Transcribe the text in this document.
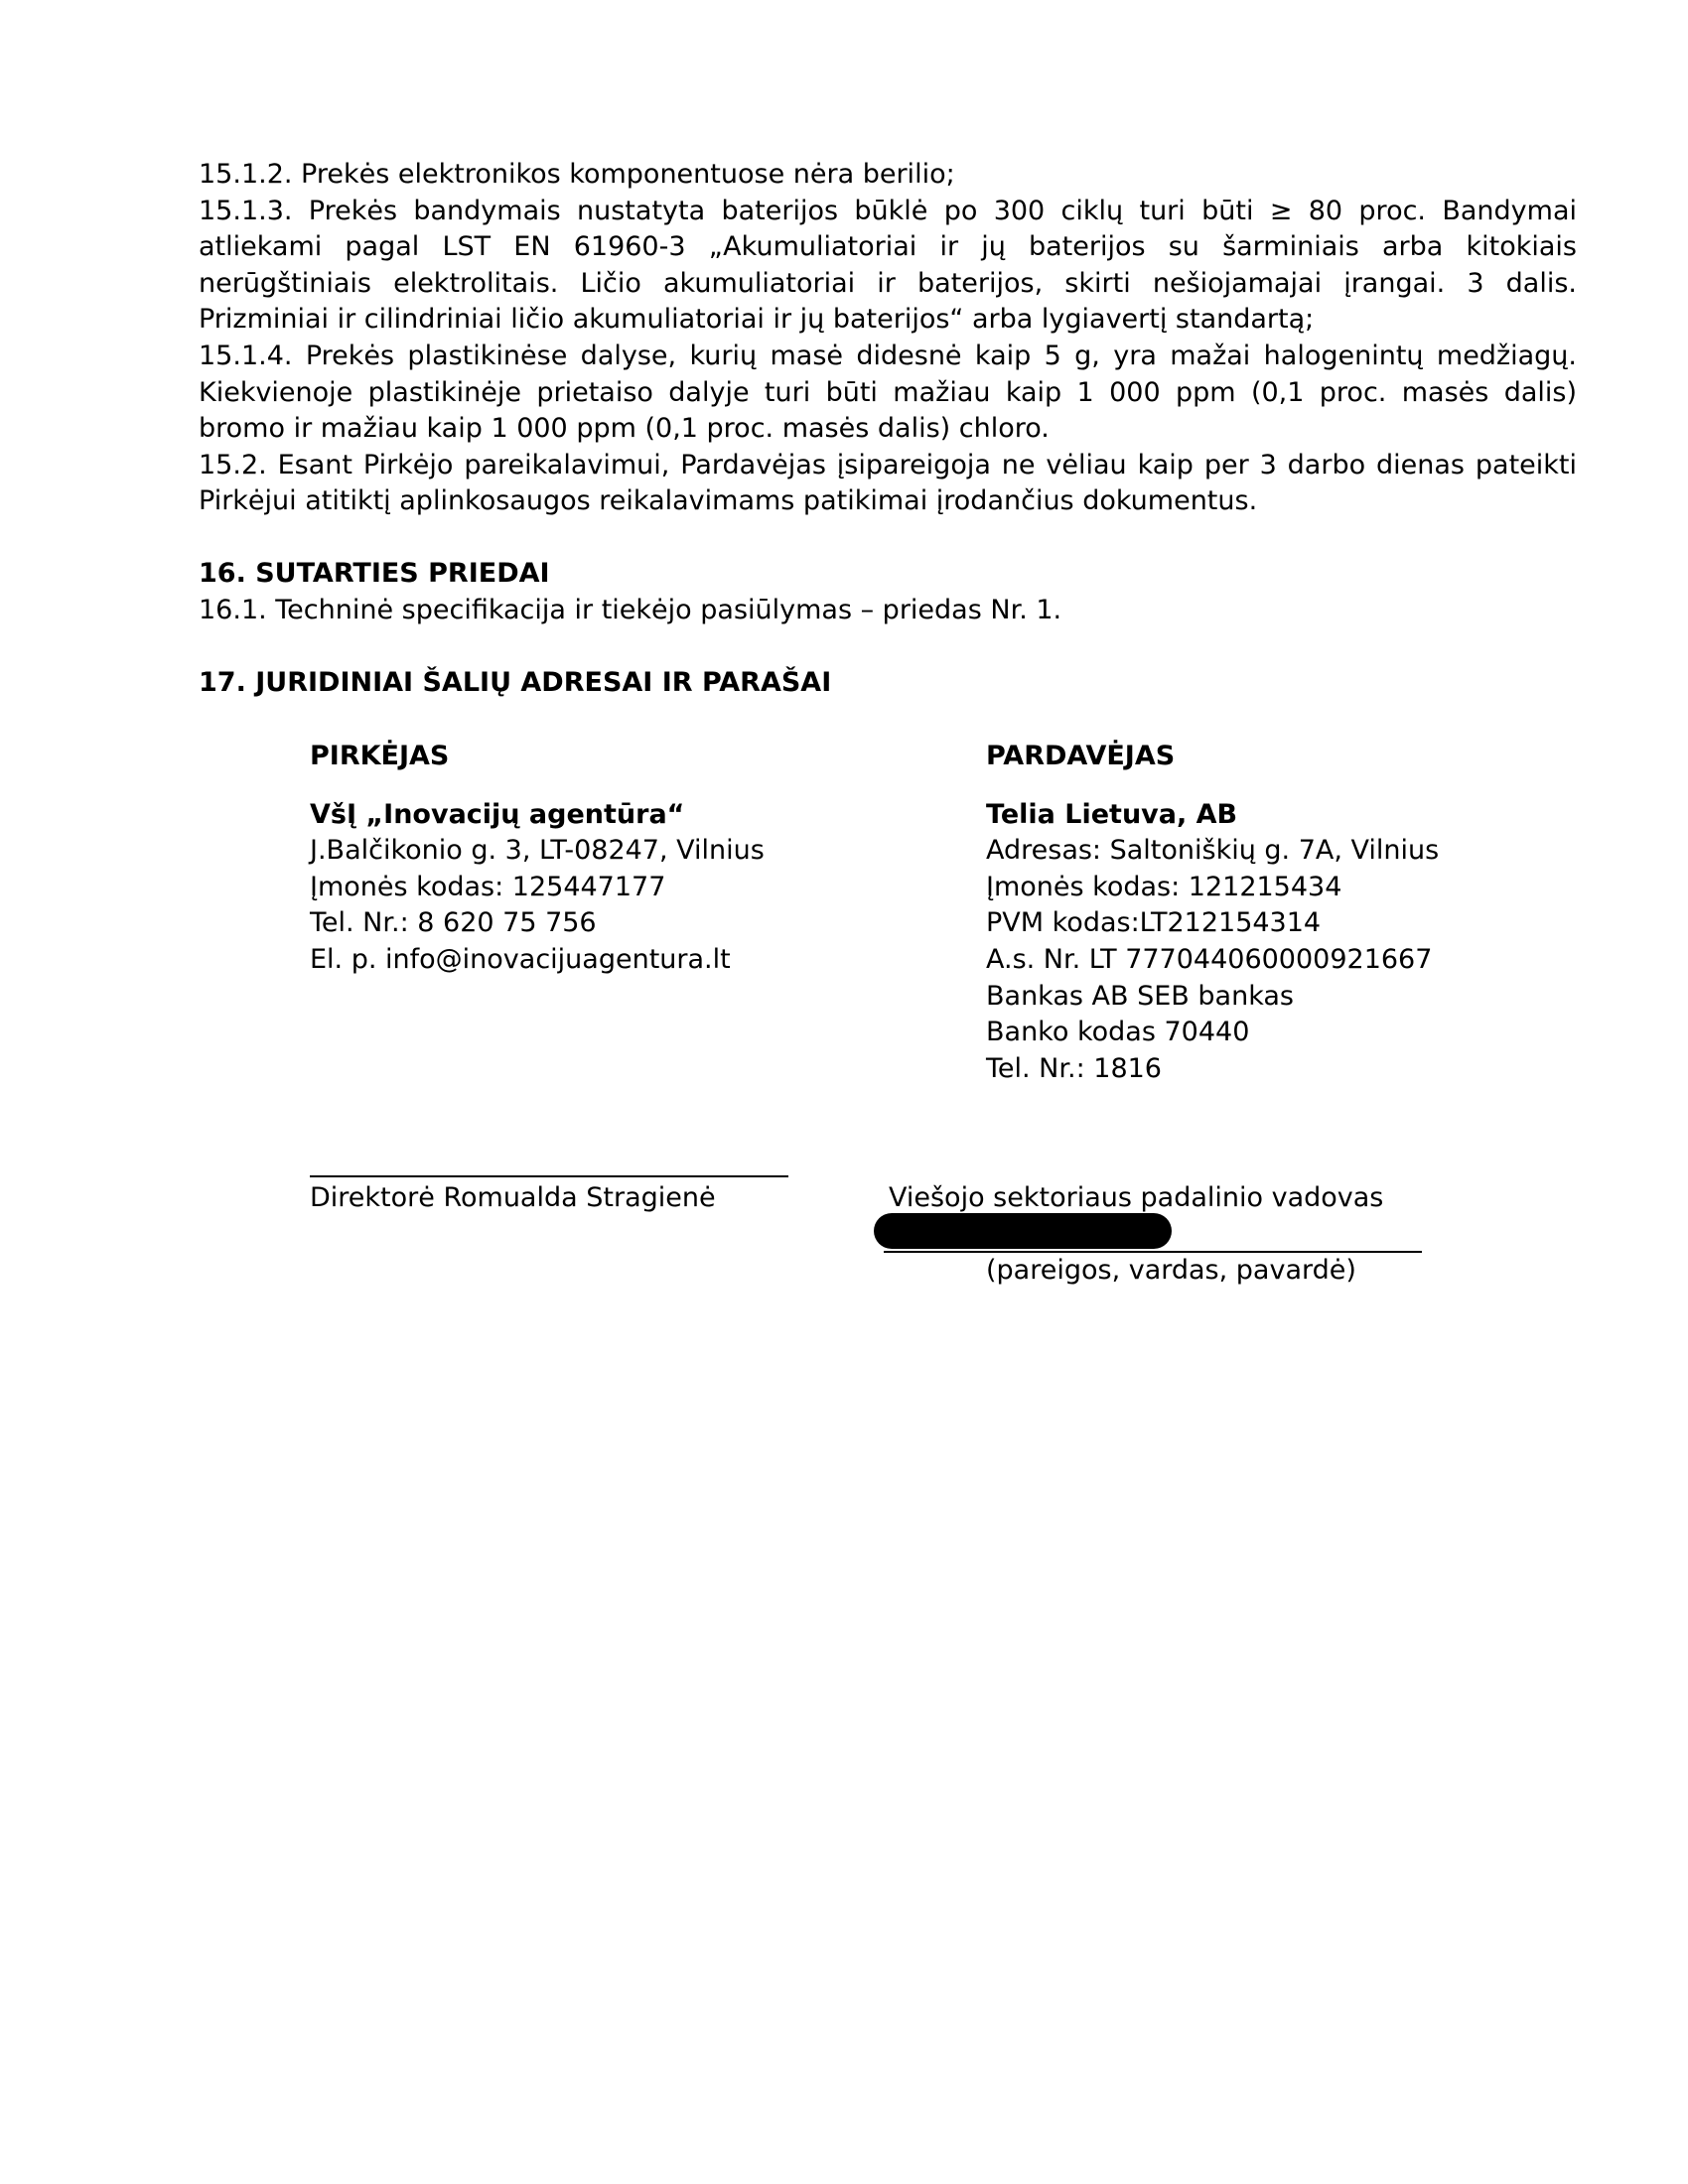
15.1.2. Prekės elektronikos komponentuose nėra berilio;

15.1.3. Prekės bandymais nustatyta baterijos būklė po 300 ciklų turi būti ≥ 80 proc. Bandymai atliekami pagal LST EN 61960-3 „Akumuliatoriai ir jų baterijos su šarminiais arba kitokiais nerūgštiniais elektrolitais. Ličio akumuliatoriai ir baterijos, skirti nešiojamajai įrangai. 3 dalis. Prizminiai ir cilindriniai ličio akumuliatoriai ir jų baterijos“ arba lygiavertį standartą;

15.1.4. Prekės plastikinėse dalyse, kurių masė didesnė kaip 5 g, yra mažai halogenintų medžiagų. Kiekvienoje plastikinėje prietaiso dalyje turi būti mažiau kaip 1 000 ppm (0,1 proc. masės dalis) bromo ir mažiau kaip 1 000 ppm (0,1 proc. masės dalis) chloro.

15.2. Esant Pirkėjo pareikalavimui, Pardavėjas įsipareigoja ne vėliau kaip per 3 darbo dienas pateikti Pirkėjui atitiktį aplinkosaugos reikalavimams patikimai įrodančius dokumentus.

16. SUTARTIES PRIEDAI

16.1. Techninė specifikacija ir tiekėjo pasiūlymas – priedas Nr. 1.

17. JURIDINIAI ŠALIŲ ADRESAI IR PARAŠAI

PIRKĖJAS

VšĮ „Inovacijų agentūra“

J.Balčikonio g. 3, LT-08247, Vilnius

Įmonės kodas: 125447177

Tel. Nr.: 8 620 75 756

El. p. info@inovacijuagentura.lt

PARDAVĖJAS

Telia Lietuva, AB

Adresas: Saltoniškių g. 7A, Vilnius

Įmonės kodas: 121215434

PVM kodas:LT212154314

A.s. Nr. LT 777044060000921667

Bankas AB SEB bankas

Banko kodas 70440

Tel. Nr.: 1816

Direktorė Romualda Stragienė	Viešojo sektoriaus padalinio vadovas

(pareigos, vardas, pavardė)
